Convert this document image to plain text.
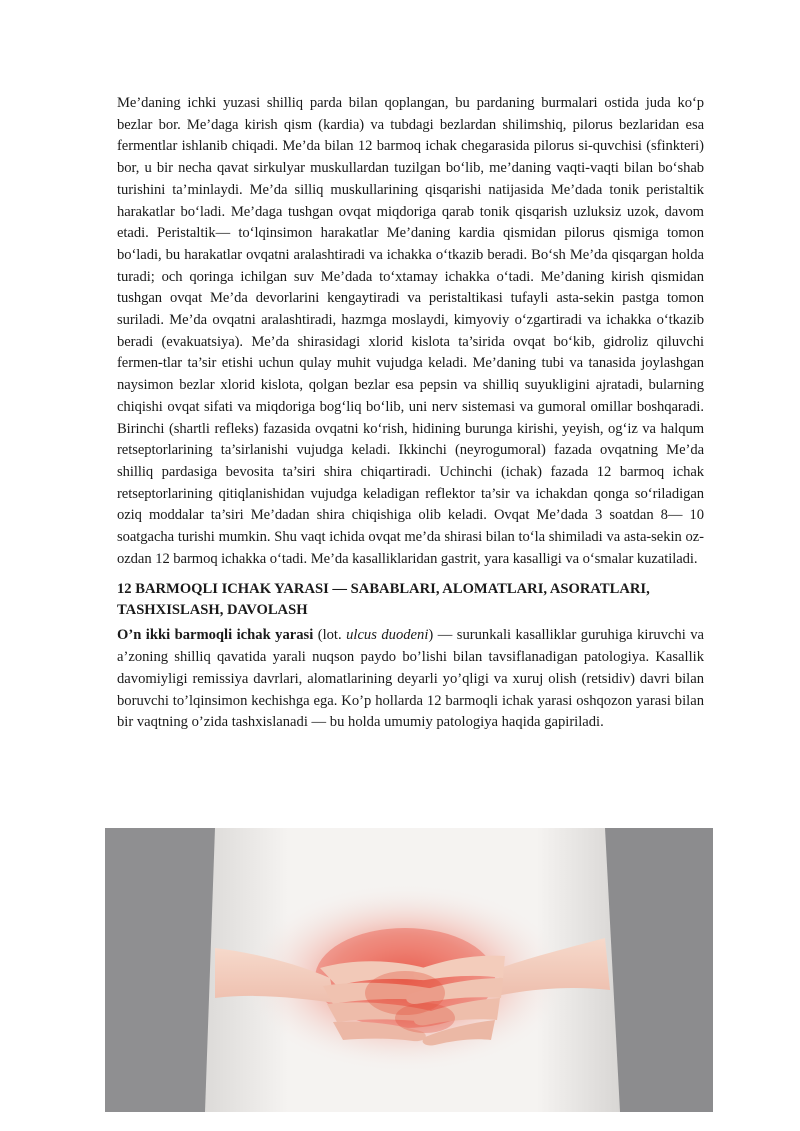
Me’daning ichki yuzasi shilliq parda bilan qoplangan, bu pardaning burmalari ostida juda ko‘p bezlar bor. Me’daga kirish qism (kardia) va tubdagi bezlardan shilimshiq, pilorus bezlaridan esa fermentlar ishlanib chiqadi. Me’da bilan 12 barmoq ichak chegarasida pilorus si-quvchisi (sfinkteri) bor, u bir necha qavat sirkulyar muskullardan tuzilgan bo‘lib, me’daning vaqti-vaqti bilan bo‘shab turishini ta’minlaydi. Me’da silliq muskullarining qisqarishi natijasida Me’dada tonik peristaltik harakatlar bo‘ladi. Me’daga tushgan ovqat miqdoriga qarab tonik qisqarish uzluksiz uzok, davom etadi. Peristaltik— to‘lqinsimon harakatlar Me’daning kardia qismidan pilorus qismiga tomon bo‘ladi, bu harakatlar ovqatni aralashtiradi va ichakka o‘tkazib beradi. Bo‘sh Me’da qisqargan holda turadi; och qoringa ichilgan suv Me’dada to‘xtamay ichakka o‘tadi. Me’daning kirish qismidan tushgan ovqat Me’da devorlarini kengaytiradi va peristaltikasi tufayli asta-sekin pastga tomon suriladi. Me’da ovqatni aralashtiradi, hazmga moslaydi, kimyoviy o‘zgartiradi va ichakka o‘tkazib beradi (evakuatsiya). Me’da shirasidagi xlorid kislota ta’sirida ovqat bo‘kib, gidroliz qiluvchi fermen-tlar ta’sir etishi uchun qulay muhit vujudga keladi. Me’daning tubi va tanasida joylashgan naysimon bezlar xlorid kislota, qolgan bezlar esa pepsin va shilliq suyukligini ajratadi, bularning chiqishi ovqat sifati va miqdoriga bog‘liq bo‘lib, uni nerv sistemasi va gumoral omillar boshqaradi. Birinchi (shartli refleks) fazasida ovqatni ko‘rish, hidining burunga kirishi, yeyish, og‘iz va halqum retseptorlarining ta’sirlanishi vujudga keladi. Ikkinchi (neyrogumoral) fazada ovqatning Me’da shilliq pardasiga bevosita ta’siri shira chiqartiradi. Uchinchi (ichak) fazada 12 barmoq ichak retseptorlarining qitiqlanishidan vujudga keladigan reflektor ta’sir va ichakdan qonga so‘riladigan oziq moddalar ta’siri Me’dadan shira chiqishiga olib keladi. Ovqat Me’dada 3 soatdan 8— 10 soatgacha turishi mumkin. Shu vaqt ichida ovqat me’da shirasi bilan to‘la shimiladi va asta-sekin oz-ozdan 12 barmoq ichakka o‘tadi. Me’da kasalliklaridan gastrit, yara kasalligi va o‘smalar kuzatiladi.

12 BARMOQLI ICHAK YARASI — SABABLARI, ALOMATLARI, ASORATLARI, TASHXISLASH, DAVOLASH

O’n ikki barmoqli ichak yarasi (lot. ulcus duodeni) — surunkali kasalliklar guruhiga kiruvchi va a’zoning shilliq qavatida yarali nuqson paydo bo’lishi bilan tavsiflanadigan patologiya. Kasallik davomiyligi remissiya davrlari, alomatlarining deyarli yo’qligi va xuruj olish (retsidiv) davri bilan boruvchi to’lqinsimon kechishga ega. Ko’p hollarda 12 barmoqli ichak yarasi oshqozon yarasi bilan bir vaqtning o’zida tashxislanadi — bu holda umumiy patologiya haqida gapiriladi.
